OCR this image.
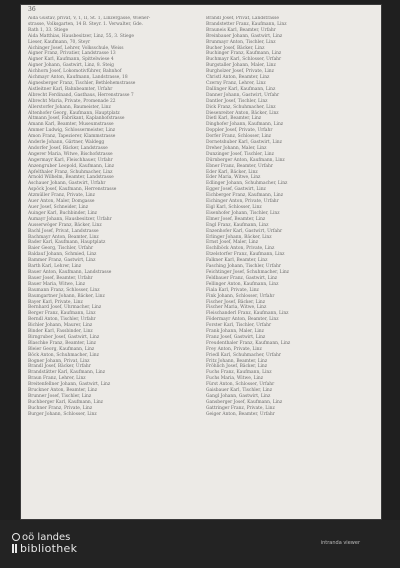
36
Aida Gustav, privat, V, 1, II, St. 1, Linzergasse, Wiener-
strasse, Volksgarten, 14 B. Steyr. 1. Verwalter, Gde.
Rath 1, 33. Stiege
Aida Matthias, Hausbesitzer, Linz, 55, 3. Stiege
Lieser, Kaufmann, 70, Steyr
Aichinger Josef, Lehrer, Volksschule, Weiss
Aigner Franz, Privatier, Landstrasse 13
Aigner Karl, Kaufmann, Spittelwiese 4
Aigner Johann, Gastwirt, Linz, 8. Steig
Aichhorn Josef, Lokomotivführer, Bahnhof
Aichmayr Anton, Kaufmann, Landstrasse, 18
Aignesberger Franz, Tischler, Bethlehemstrasse
Aistleitner Karl, Bahnbeamter, Urfahr
Albrecht Ferdinand, Gasthaus, Herrenstrasse 7
Albrecht Maria, Private, Promenade 22
Allerstorfer Johann, Baumeister, Linz
Altenhofer Georg, Kaufmann, Hauptplatz
Altmann Josef, Fabrikant, Kaplanhofstrasse
Amann Karl, Beamter, Museumstrasse
Ammer Ludwig, Schlossermeister, Linz
Amon Franz, Tapezierer, Klammstrasse
Anderle Johann, Gärtner, Waldegg
Andorfer Josef, Bäcker, Landstrasse
Angerer Maria, Witwe, Bischofstrasse
Angermayr Karl, Fleischhauer, Urfahr
Anzengruber Leopold, Kaufmann, Linz
Apfelthaler Franz, Schuhmacher, Linz
Arnold Wilhelm, Beamter, Landstrasse
Aschauer Johann, Gastwirt, Urfahr
Aspöck Josef, Kaufmann, Herrenstrasse
Atzmüller Franz, Private, Linz
Auer Anton, Maler, Domgasse
Auer Josef, Schneider, Linz
Auinger Karl, Buchbinder, Linz
Aumayr Johann, Hausbesitzer, Urfahr
Ausserwöger Franz, Bäcker, Linz
Bachl Josef, Privat, Landstrasse
Bachmayr Anton, Beamter, Linz
Bader Karl, Kaufmann, Hauptplatz
Baier Georg, Tischler, Urfahr
Baldauf Johann, Schmied, Linz
Bammer Franz, Gastwirt, Linz
Barth Karl, Lehrer, Linz
Bauer Anton, Kaufmann, Landstrasse
Bauer Josef, Beamter, Urfahr
Bauer Maria, Witwe, Linz
Baumann Franz, Schlosser, Linz
Baumgartner Johann, Bäcker, Linz
Bayer Karl, Private, Linz
Bernhard Josef, Uhrmacher, Linz
Berger Franz, Kaufmann, Linz
Berndl Anton, Tischler, Urfahr
Bichler Johann, Maurer, Linz
Binder Karl, Fassbinder, Linz
Birngruber Josef, Gastwirt, Linz
Blaschke Franz, Beamter, Linz
Bleier Georg, Kaufmann, Linz
Böck Anton, Schuhmacher, Linz
Bogner Johann, Privat, Linz
Brandl Josef, Bäcker, Urfahr
Brandstätter Karl, Kaufmann, Linz
Braun Franz, Lehrer, Linz
Breitenfellner Johann, Gastwirt, Linz
Bruckner Anton, Beamter, Linz
Brunner Josef, Tischler, Linz
Buchberger Karl, Kaufmann, Linz
Buchner Franz, Private, Linz
Burger Johann, Schlosser, Linz
Brandl Josef, Privat, Landstrasse
Brandstetter Franz, Kaufmann, Linz
Brauneis Karl, Beamter, Urfahr
Breinbauer Johann, Gastwirt, Linz
Brunmayr Anton, Tischler, Linz
Bucher Josef, Bäcker, Linz
Buchinger Franz, Kaufmann, Linz
Buchmayr Karl, Schlosser, Urfahr
Burgstaller Johann, Maler, Linz
Burgholzer Josef, Private, Linz
Christl Anton, Beamter, Linz
Czerny Franz, Lehrer, Linz
Dallinger Karl, Kaufmann, Linz
Danner Johann, Gastwirt, Urfahr
Dantler Josef, Tischler, Linz
Dick Franz, Schuhmacher, Linz
Diesenreiter Anton, Bäcker, Linz
Dietl Karl, Beamter, Linz
Dinghofer Johann, Kaufmann, Linz
Doppler Josef, Private, Urfahr
Dorfer Franz, Schlosser, Linz
Dornetshuber Karl, Gastwirt, Linz
Dreher Johann, Maler, Linz
Dunzinger Josef, Tischler, Linz
Dürnberger Anton, Kaufmann, Linz
Ebner Franz, Beamter, Urfahr
Eder Karl, Bäcker, Linz
Eder Maria, Witwe, Linz
Edlinger Johann, Schuhmacher, Linz
Egger Josef, Gastwirt, Linz
Eichberger Franz, Kaufmann, Linz
Eichinger Anton, Private, Urfahr
Eigl Karl, Schlosser, Linz
Eisenhofer Johann, Tischler, Linz
Elmer Josef, Beamter, Linz
Engl Franz, Kaufmann, Linz
Enzenhofer Karl, Gastwirt, Urfahr
Erlinger Johann, Bäcker, Linz
Ernst Josef, Maler, Linz
Eschlböck Anton, Private, Linz
Etzelstorfer Franz, Kaufmann, Linz
Falkner Karl, Beamter, Linz
Fasching Johann, Tischler, Urfahr
Feichtinger Josef, Schuhmacher, Linz
Feldbauer Franz, Gastwirt, Linz
Fellinger Anton, Kaufmann, Linz
Fiala Karl, Private, Linz
Fink Johann, Schlosser, Urfahr
Fischer Josef, Bäcker, Linz
Fischer Maria, Witwe, Linz
Fleischanderl Franz, Kaufmann, Linz
Födermayr Anton, Beamter, Linz
Forster Karl, Tischler, Urfahr
Frank Johann, Maler, Linz
Franz Josef, Gastwirt, Linz
Freudenthaler Franz, Kaufmann, Linz
Frey Anton, Private, Linz
Friedl Karl, Schuhmacher, Urfahr
Fritz Johann, Beamter, Linz
Fröhlich Josef, Bäcker, Linz
Fuchs Franz, Kaufmann, Linz
Fuchs Maria, Witwe, Linz
Fürst Anton, Schlosser, Urfahr
Gaisbauer Karl, Tischler, Linz
Gangl Johann, Gastwirt, Linz
Gansberger Josef, Kaufmann, Linz
Gattringer Franz, Private, Linz
Geiger Anton, Beamter, Urfahr
oö landes
bibliothek	intranda viewer
